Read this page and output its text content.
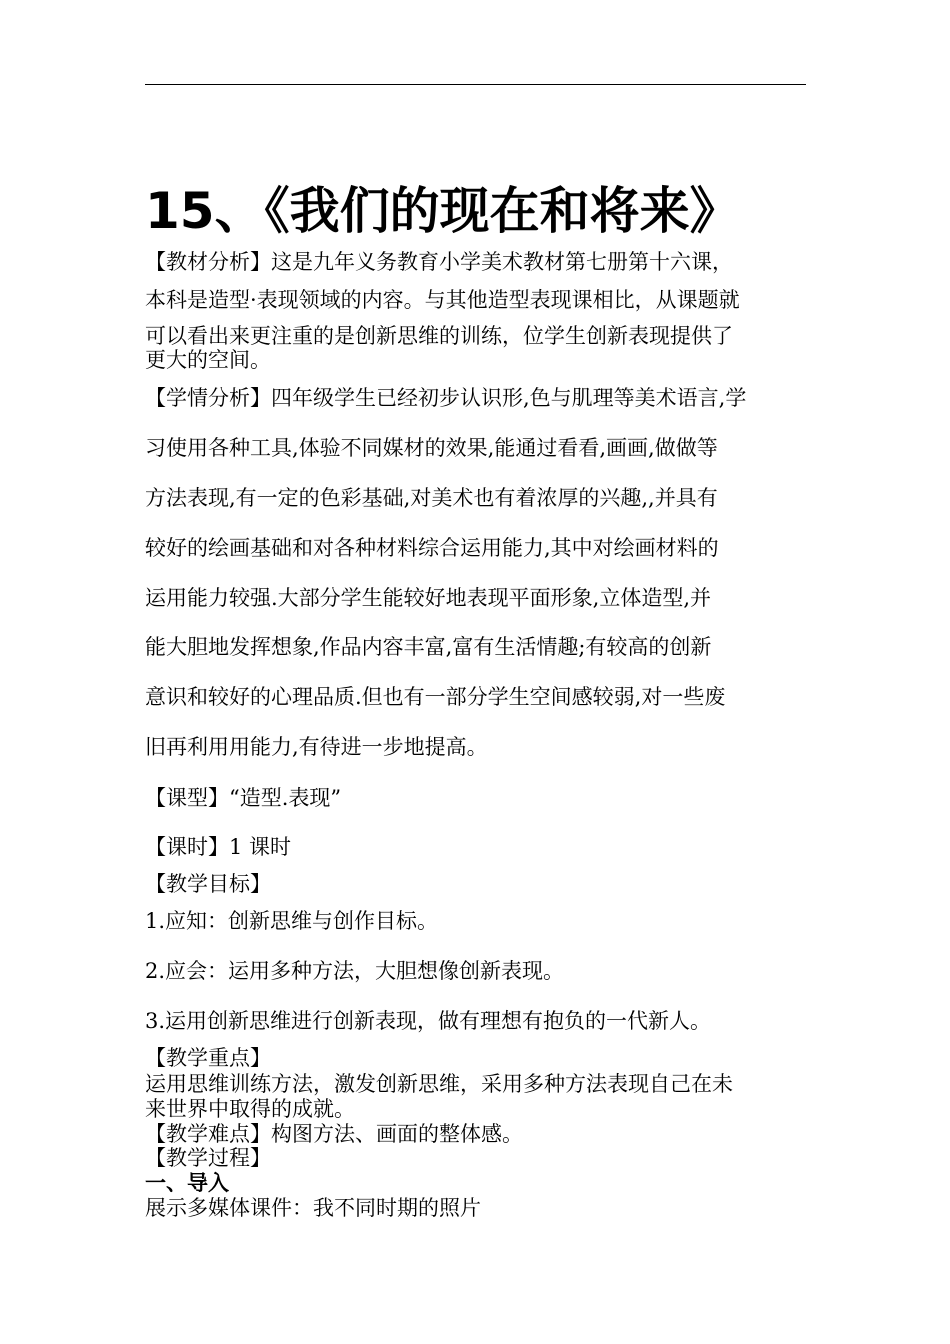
15、《我们的现在和将来》

【教材分析】这是九年义务教育小学美术教材第七册第十六课，

本科是造型·表现领域的内容。与其他造型表现课相比，从课题就

可以看出来更注重的是创新思维的训练，位学生创新表现提供了

更大的空间。

【学情分析】四年级学生已经初步认识形,色与肌理等美术语言,学

习使用各种工具,体验不同媒材的效果,能通过看看,画画,做做等

方法表现,有一定的色彩基础,对美术也有着浓厚的兴趣,,并具有

较好的绘画基础和对各种材料综合运用能力,其中对绘画材料的

运用能力较强.大部分学生能较好地表现平面形象,立体造型,并

能大胆地发挥想象,作品内容丰富,富有生活情趣;有较高的创新

意识和较好的心理品质.但也有一部分学生空间感较弱,对一些废

旧再利用用能力,有待进一步地提高。

【课型】“造型.表现”

【课时】1 课时

【教学目标】

1.应知：创新思维与创作目标。

2.应会：运用多种方法，大胆想像创新表现。

3.运用创新思维进行创新表现，做有理想有抱负的一代新人。

【教学重点】

运用思维训练方法，激发创新思维，采用多种方法表现自己在未

来世界中取得的成就。

【教学难点】构图方法、画面的整体感。

【教学过程】

一、导入

展示多媒体课件：我不同时期的照片
